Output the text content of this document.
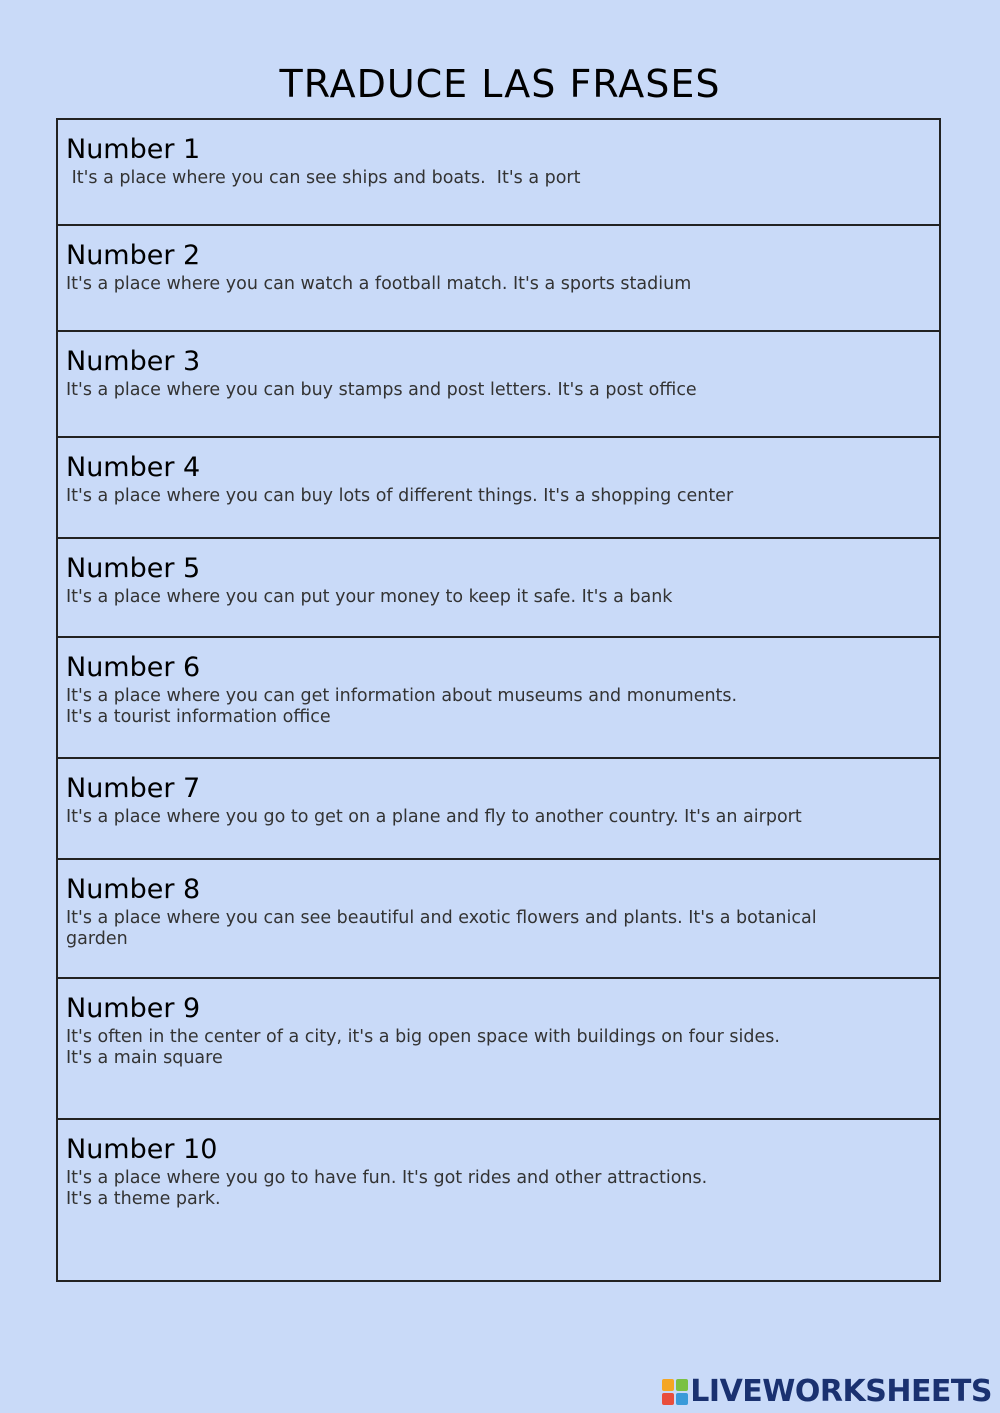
TRADUCE LAS FRASES
Number 1
It's a place where you can see ships and boats.  It's a port
Number 2
It's a place where you can watch a football match. It's a sports stadium
Number 3
It's a place where you can buy stamps and post letters. It's a post office
Number 4
It's a place where you can buy lots of different things. It's a shopping center
Number 5
It's a place where you can put your money to keep it safe. It's a bank
Number 6
It's a place where you can get information about museums and monuments.
It's a tourist information office
Number 7
It's a place where you go to get on a plane and fly to another country. It's an airport
Number 8
It's a place where you can see beautiful and exotic flowers and plants. It's a botanical
garden
Number 9
It's often in the center of a city, it's a big open space with buildings on four sides.
It's a main square
Number 10
It's a place where you go to have fun. It's got rides and other attractions.
It's a theme park.
LIVEWORKSHEETS
